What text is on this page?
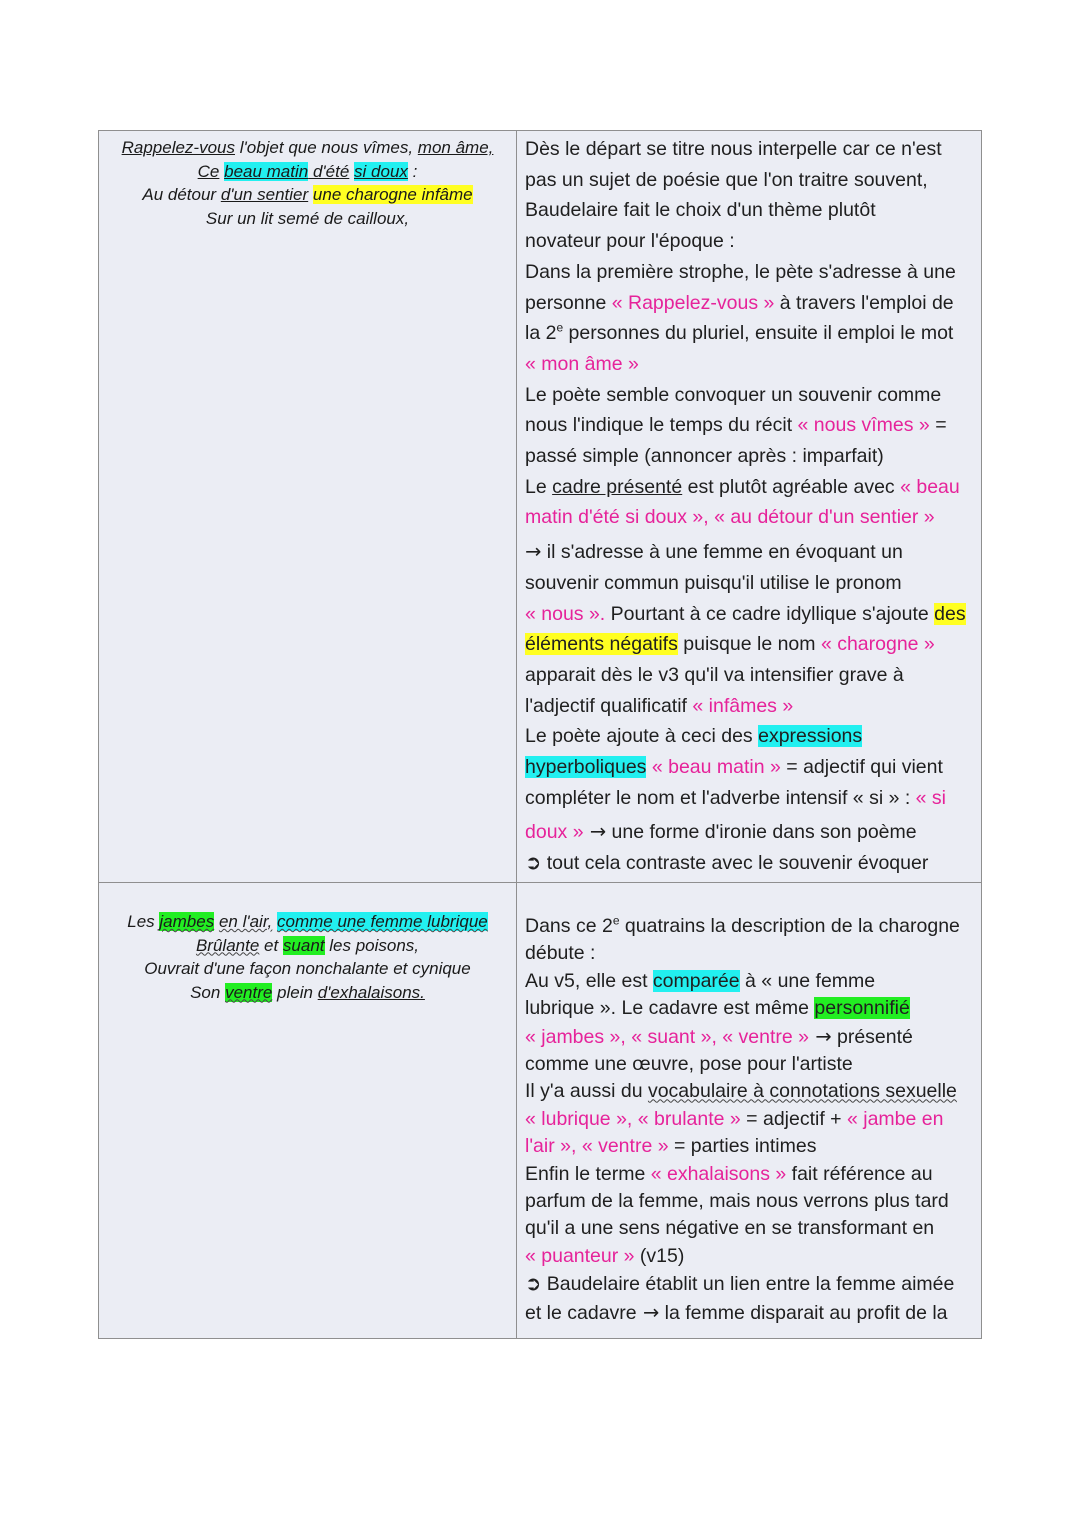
Rappelez-vous l'objet que nous vîmes, mon âme,
Ce beau matin d'été si doux :
Au détour d'un sentier une charogne infâme
Sur un lit semé de cailloux,
Dès le départ se titre nous interpelle car ce n'est
pas un sujet de poésie que l'on traitre souvent,
Baudelaire fait le choix d'un thème plutôt
novateur pour l'époque :
Dans la première strophe, le pète s'adresse à une
personne « Rappelez-vous » à travers l'emploi de
la 2e personnes du pluriel, ensuite il emploi le mot
« mon âme »
Le poète semble convoquer un souvenir comme
nous l'indique le temps du récit « nous vîmes » =
passé simple (annoncer après : imparfait)
Le cadre présenté est plutôt agréable avec « beau
matin d'été si doux », « au détour d'un sentier »
→ il s'adresse à une femme en évoquant un
souvenir commun puisqu'il utilise le pronom
« nous ». Pourtant à ce cadre idyllique s'ajoute des
éléments négatifs puisque le nom « charogne »
apparait dès le v3 qu'il va intensifier grave à
l'adjectif qualificatif « infâmes »
Le poète ajoute à ceci des expressions
hyperboliques « beau matin » = adjectif qui vient
compléter le nom et l'adverbe intensif « si » : « si
doux » → une forme d'ironie dans son poème
➲ tout cela contraste avec le souvenir évoquer
Les jambes en l'air, comme une femme lubrique
Brûlante et suant les poisons,
Ouvrait d'une façon nonchalante et cynique
Son ventre plein d'exhalaisons.
Dans ce 2e quatrains la description de la charogne
débute :
Au v5, elle est comparée à « une femme
lubrique ». Le cadavre est même personnifié
« jambes », « suant », « ventre » → présenté
comme une œuvre, pose pour l'artiste
Il y'a aussi du vocabulaire à connotations sexuelle
« lubrique », « brulante » = adjectif + « jambe en
l'air », « ventre » = parties intimes
Enfin le terme « exhalaisons » fait référence au
parfum de la femme, mais nous verrons plus tard
qu'il a une sens négative en se transformant en
« puanteur » (v15)
➲ Baudelaire établit un lien entre la femme aimée
et le cadavre → la femme disparait au profit de la
